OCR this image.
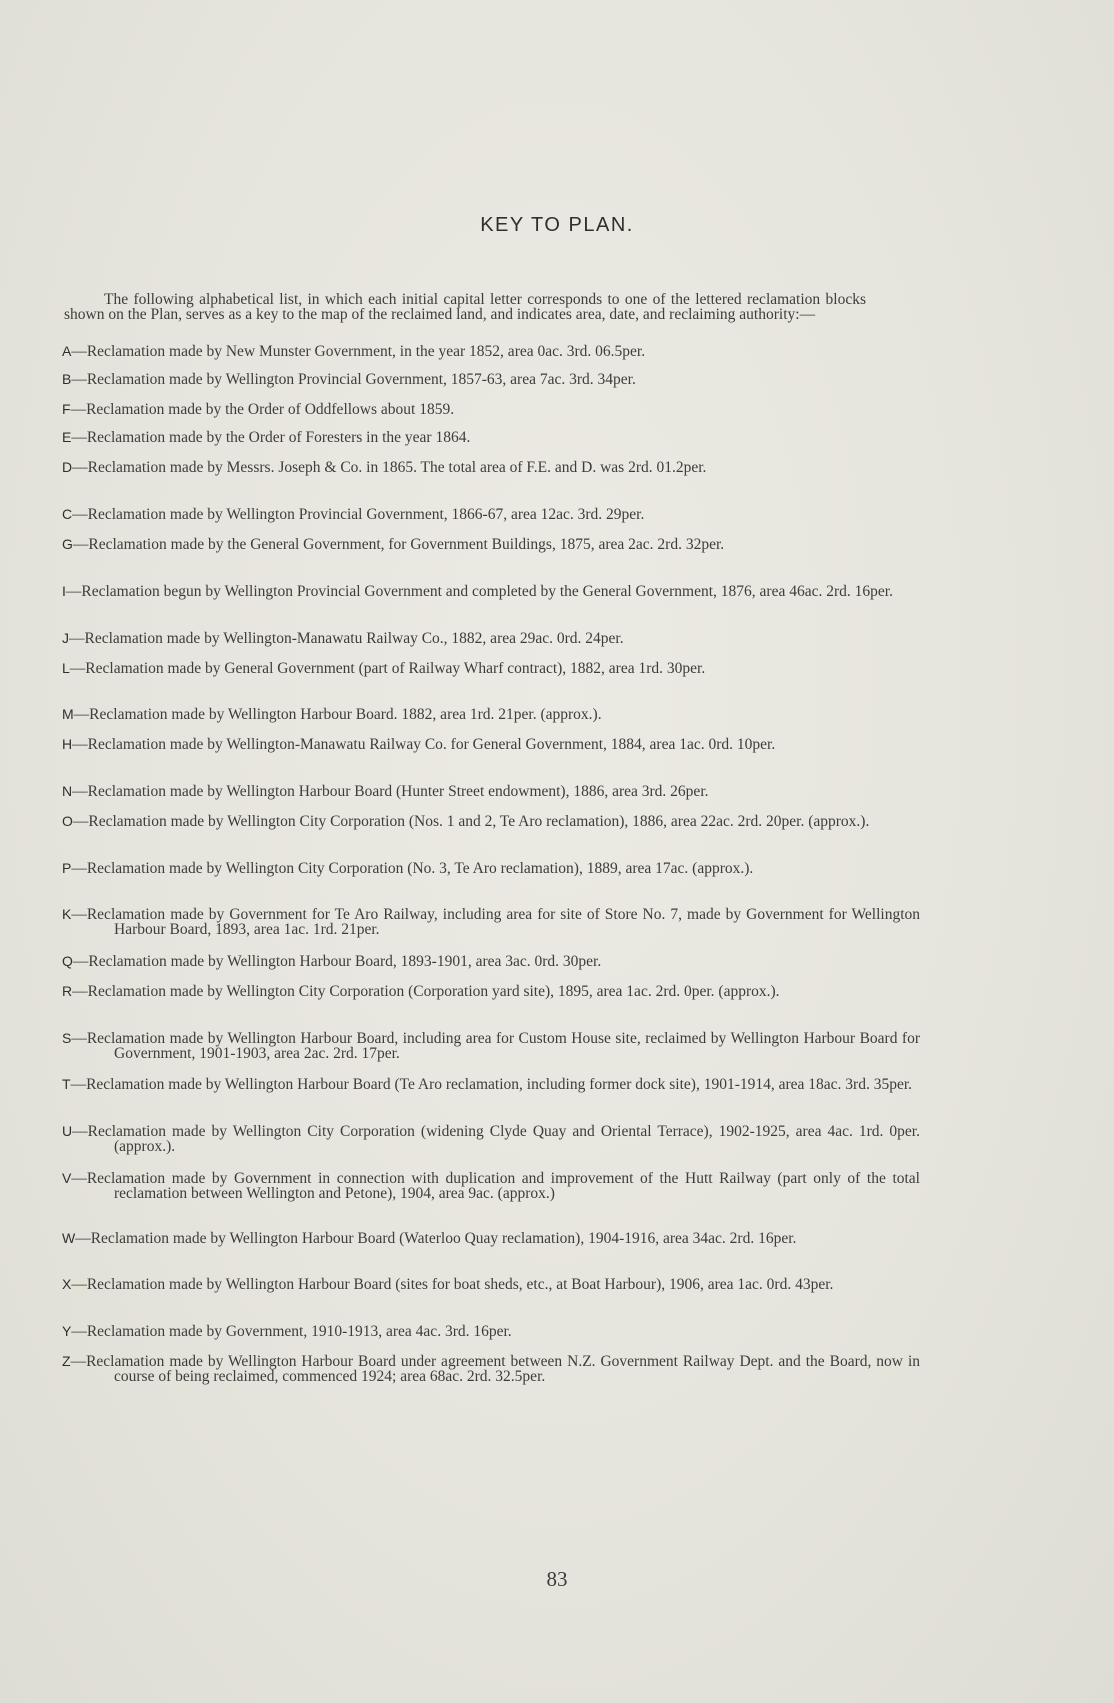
KEY TO PLAN.
The following alphabetical list, in which each initial capital letter corresponds to one of the lettered reclamation blocks shown on the Plan, serves as a key to the map of the reclaimed land, and indicates area, date, and reclaiming authority:—
A—Reclamation made by New Munster Government, in the year 1852, area 0ac. 3rd. 06.5per.
B—Reclamation made by Wellington Provincial Government, 1857-63, area 7ac. 3rd. 34per.
F—Reclamation made by the Order of Oddfellows about 1859.
E—Reclamation made by the Order of Foresters in the year 1864.
D—Reclamation made by Messrs. Joseph & Co. in 1865. The total area of F.E. and D. was 2rd. 01.2per.
C—Reclamation made by Wellington Provincial Government, 1866-67, area 12ac. 3rd. 29per.
G—Reclamation made by the General Government, for Government Buildings, 1875, area 2ac. 2rd. 32per.
I—Reclamation begun by Wellington Provincial Government and completed by the General Government, 1876, area 46ac. 2rd. 16per.
J—Reclamation made by Wellington-Manawatu Railway Co., 1882, area 29ac. 0rd. 24per.
L—Reclamation made by General Government (part of Railway Wharf contract), 1882, area 1rd. 30per.
M—Reclamation made by Wellington Harbour Board. 1882, area 1rd. 21per. (approx.).
H—Reclamation made by Wellington-Manawatu Railway Co. for General Government, 1884, area 1ac. 0rd. 10per.
N—Reclamation made by Wellington Harbour Board (Hunter Street endowment), 1886, area 3rd. 26per.
O—Reclamation made by Wellington City Corporation (Nos. 1 and 2, Te Aro reclamation), 1886, area 22ac. 2rd. 20per. (approx.).
P—Reclamation made by Wellington City Corporation (No. 3, Te Aro reclamation), 1889, area 17ac. (approx.).
K—Reclamation made by Government for Te Aro Railway, including area for site of Store No. 7, made by Government for Wellington Harbour Board, 1893, area 1ac. 1rd. 21per.
Q—Reclamation made by Wellington Harbour Board, 1893-1901, area 3ac. 0rd. 30per.
R—Reclamation made by Wellington City Corporation (Corporation yard site), 1895, area 1ac. 2rd. 0per. (approx.).
S—Reclamation made by Wellington Harbour Board, including area for Custom House site, reclaimed by Wellington Harbour Board for Government, 1901-1903, area 2ac. 2rd. 17per.
T—Reclamation made by Wellington Harbour Board (Te Aro reclamation, including former dock site), 1901-1914, area 18ac. 3rd. 35per.
U—Reclamation made by Wellington City Corporation (widening Clyde Quay and Oriental Terrace), 1902-1925, area 4ac. 1rd. 0per. (approx.).
V—Reclamation made by Government in connection with duplication and improvement of the Hutt Railway (part only of the total reclamation between Wellington and Petone), 1904, area 9ac. (approx.)
W—Reclamation made by Wellington Harbour Board (Waterloo Quay reclamation), 1904-1916, area 34ac. 2rd. 16per.
X—Reclamation made by Wellington Harbour Board (sites for boat sheds, etc., at Boat Harbour), 1906, area 1ac. 0rd. 43per.
Y—Reclamation made by Government, 1910-1913, area 4ac. 3rd. 16per.
Z—Reclamation made by Wellington Harbour Board under agreement between N.Z. Government Railway Dept. and the Board, now in course of being reclaimed, commenced 1924; area 68ac. 2rd. 32.5per.
83
